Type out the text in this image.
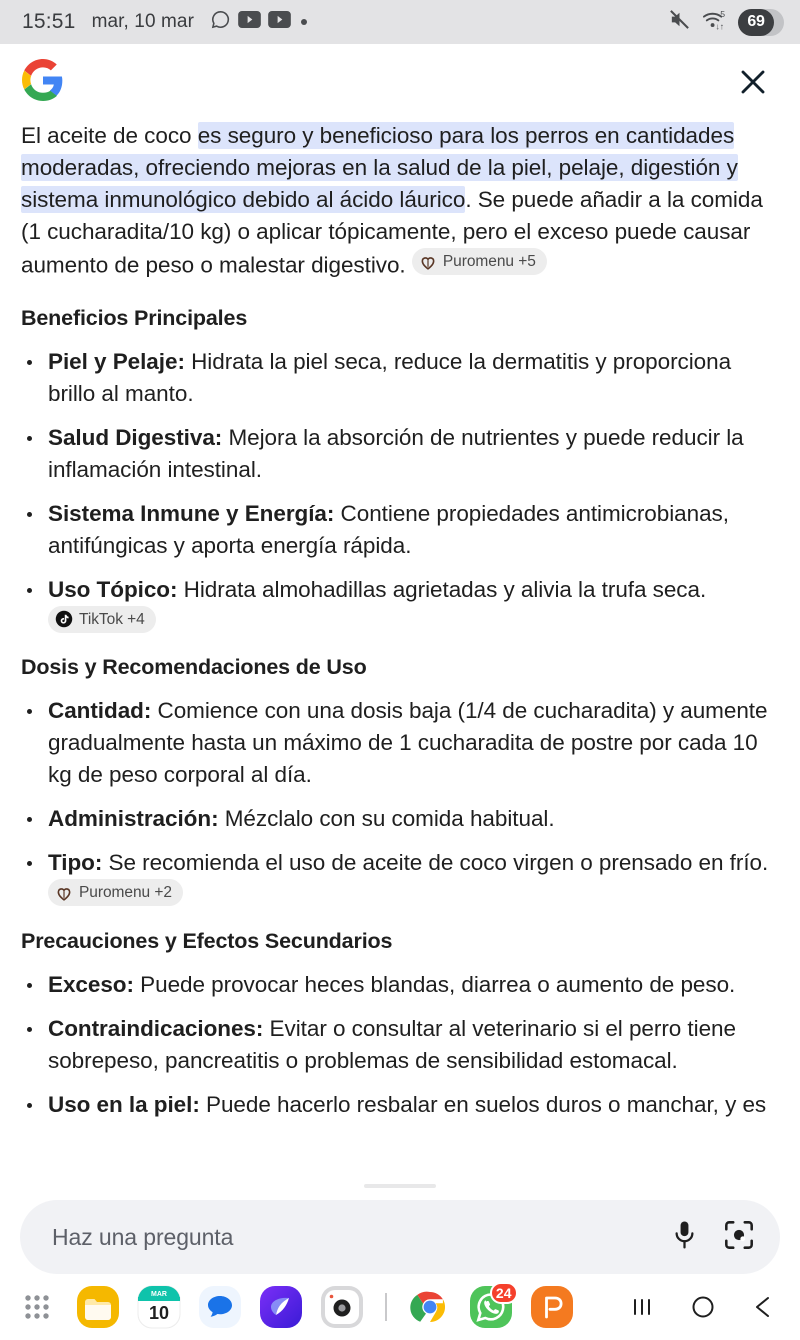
15:51 mar, 10 mar	5
↓↑	69

El aceite de coco es seguro y beneficioso para los perros en cantidades moderadas, ofreciendo mejoras en la salud de la piel, pelaje, digestión y sistema inmunológico debido al ácido láurico. Se puede añadir a la comida (1 cucharadita/10 kg) o aplicar tópicamente, pero el exceso puede causar aumento de peso o malestar digestivo. Puromenu +5

Beneficios Principales
Piel y Pelaje: Hidrata la piel seca, reduce la dermatitis y proporciona brillo al manto.
Salud Digestiva: Mejora la absorción de nutrientes y puede reducir la inflamación intestinal.
Sistema Inmune y Energía: Contiene propiedades antimicrobianas, antifúngicas y aporta energía rápida.
Uso Tópico: Hidrata almohadillas agrietadas y alivia la trufa seca.
TikTok +4
Dosis y Recomendaciones de Uso
Cantidad: Comience con una dosis baja (1/4 de cucharadita) y aumente gradualmente hasta un máximo de 1 cucharadita de postre por cada 10 kg de peso corporal al día.
Administración: Mézclalo con su comida habitual.
Tipo: Se recomienda el uso de aceite de coco virgen o prensado en frío.
Puromenu +2
Precauciones y Efectos Secundarios
Exceso: Puede provocar heces blandas, diarrea o aumento de peso.
Contraindicaciones: Evitar o consultar al veterinario si el perro tiene sobrepeso, pancreatitis o problemas de sensibilidad estomacal.
Uso en la piel: Puede hacerlo resbalar en suelos duros o manchar, y es
Haz una pregunta
MAR
10
24
